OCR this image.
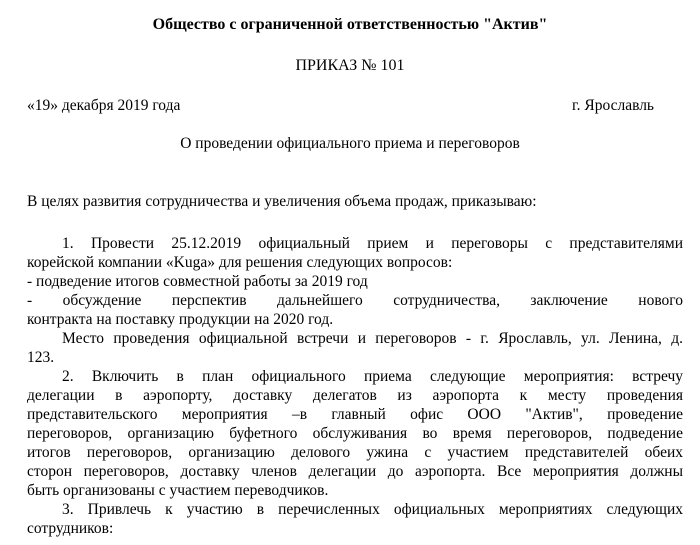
Общество с ограниченной ответственностью "Актив"
ПРИКАЗ № 101
«19» декабря 2019 года	г. Ярославль
О проведении официального приема и переговоров
В целях развития сотрудничества и увеличения объема продаж, приказываю:
1. Провести 25.12.2019 официальный прием и переговоры с представителями
корейской компании «Kuga» для решения следующих вопросов:
- подведение итогов совместной работы за 2019 год
- обсуждение перспектив дальнейшего сотрудничества, заключение нового
контракта на поставку продукции на 2020 год.
Место проведения официальной встречи и переговоров - г. Ярославль, ул. Ленина, д.
123.
2. Включить в план официального приема следующие мероприятия: встречу
делегации в аэропорту, доставку делегатов из аэропорта к месту проведения
представительского мероприятия –в главный офис ООО "Актив", проведение
переговоров, организацию буфетного обслуживания во время переговоров, подведение
итогов переговоров, организацию делового ужина с участием представителей обеих
сторон переговоров, доставку членов делегации до аэропорта. Все мероприятия должны
быть организованы с участием переводчиков.
3. Привлечь к участию в перечисленных официальных мероприятиях следующих
сотрудников:
